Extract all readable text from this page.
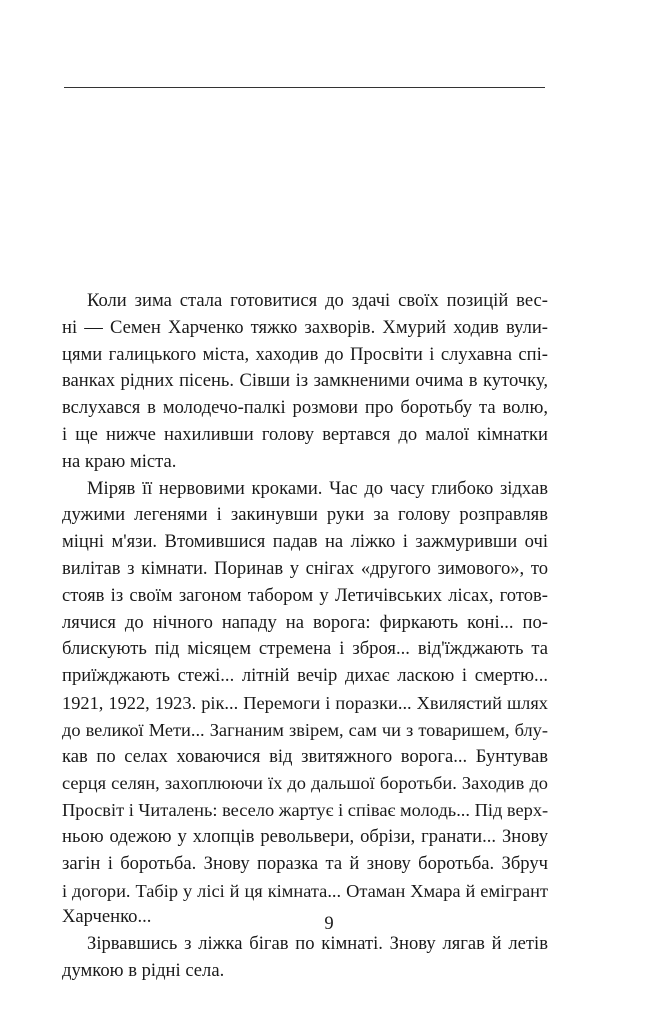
Коли зима стала готовитися до здачі своїх позицій вес-
ні — Семен Харченко тяжко захворів. Хмурий ходив вули-
цями галицького міста, хаходив до Просвіти і слухавна спі-
ванках рідних пісень. Сівши із замкненими очима в куточку,
вслухався в молодечо-палкі розмови про боротьбу та волю,
і ще нижче нахиливши голову вертався до малої кімнатки
на краю міста.

Міряв її нервовими кроками. Час до часу глибоко зідхав
дужими легенями і закинувши руки за голову розправляв
міцні м'язи. Втомившися падав на ліжко і зажмуривши очі
вилітав з кімнати. Поринав у снігах «другого зимового», то
стояв із своїм загоном табором у Летичівських лісах, готов-
лячися до нічного нападу на ворога: фиркають коні... по-
блискують під місяцем стремена і зброя... від'їжджають та
приїжджають стежі... літній вечір дихає ласкою і смертю...
1921, 1922, 1923. рік... Перемоги і поразки... Хвилястий шлях
до великої Мети... Загнаним звірем, сам чи з товаришем, блу-
кав по селах ховаючися від звитяжного ворога... Бунтував
серця селян, захоплюючи їх до дальшої боротьби. Заходив до
Просвіт і Читалень: весело жартує і співає молодь... Під верх-
ньою одежою у хлопців револьвери, обрізи, гранати... Знову
загін і боротьба. Знову поразка та й знову боротьба. Збруч
і догори. Табір у лісі й ця кімната... Отаман Хмара й емігрант
Харченко...

Зірвавшись з ліжка бігав по кімнаті. Знову лягав й летів
думкою в рідні села.

9
